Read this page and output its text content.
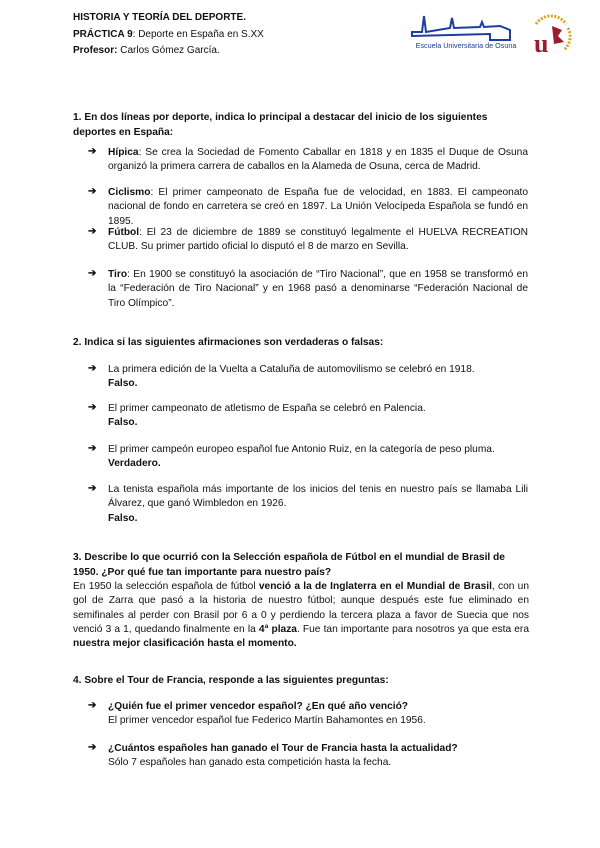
HISTORIA Y TEORÍA DEL DEPORTE.
PRÁCTICA 9: Deporte en España en S.XX
Profesor: Carlos Gómez García.	Escuela Universitaria de Osuna u
1. En dos líneas por deporte, indica lo principal a destacar del inicio de los siguientes deportes en España:
➔ Hípica: Se crea la Sociedad de Fomento Caballar en 1818 y en 1835 el Duque de Osuna organizó la primera carrera de caballos en la Alameda de Osuna, cerca de Madrid.
➔ Ciclismo: El primer campeonato de España fue de velocidad, en 1883. El campeonato nacional de fondo en carretera se creó en 1897. La Unión Velocípeda Española se fundó en 1895.
➔ Fútbol: El 23 de diciembre de 1889 se constituyó legalmente el HUELVA RECREATION CLUB. Su primer partido oficial lo disputó el 8 de marzo en Sevilla.
➔ Tiro: En 1900 se constituyó la asociación de “Tiro Nacional”, que en 1958 se transformó en la “Federación de Tiro Nacional” y en 1968 pasó a denominarse “Federación Nacional de Tiro Olímpico”.
2. Indica si las siguientes afirmaciones son verdaderas o falsas:
➔ La primera edición de la Vuelta a Cataluña de automovilismo se celebró en 1918.
Falso.
➔ El primer campeonato de atletismo de España se celebró en Palencia.
Falso.
➔ El primer campeón europeo español fue Antonio Ruiz, en la categoría de peso pluma.
Verdadero.
➔ La tenista española más importante de los inicios del tenis en nuestro país se llamaba Lili Álvarez, que ganó Wimbledon en 1926.
Falso.
3. Describe lo que ocurrió con la Selección española de Fútbol en el mundial de Brasil de 1950. ¿Por qué fue tan importante para nuestro país?
En 1950 la selección española de fútbol venció a la de Inglaterra en el Mundial de Brasil, con un gol de Zarra que pasó a la historia de nuestro fútbol; aunque después este fue eliminado en semifinales al perder con Brasil por 6 a 0 y perdiendo la tercera plaza a favor de Suecia que nos venció 3 a 1, quedando finalmente en la 4ª plaza. Fue tan importante para nosotros ya que esta era nuestra mejor clasificación hasta el momento.
4. Sobre el Tour de Francia, responde a las siguientes preguntas:
➔ ¿Quién fue el primer vencedor español? ¿En qué año venció?
El primer vencedor español fue Federico Martín Bahamontes en 1956.
➔ ¿Cuántos españoles han ganado el Tour de Francia hasta la actualidad?
Sólo 7 españoles han ganado esta competición hasta la fecha.
